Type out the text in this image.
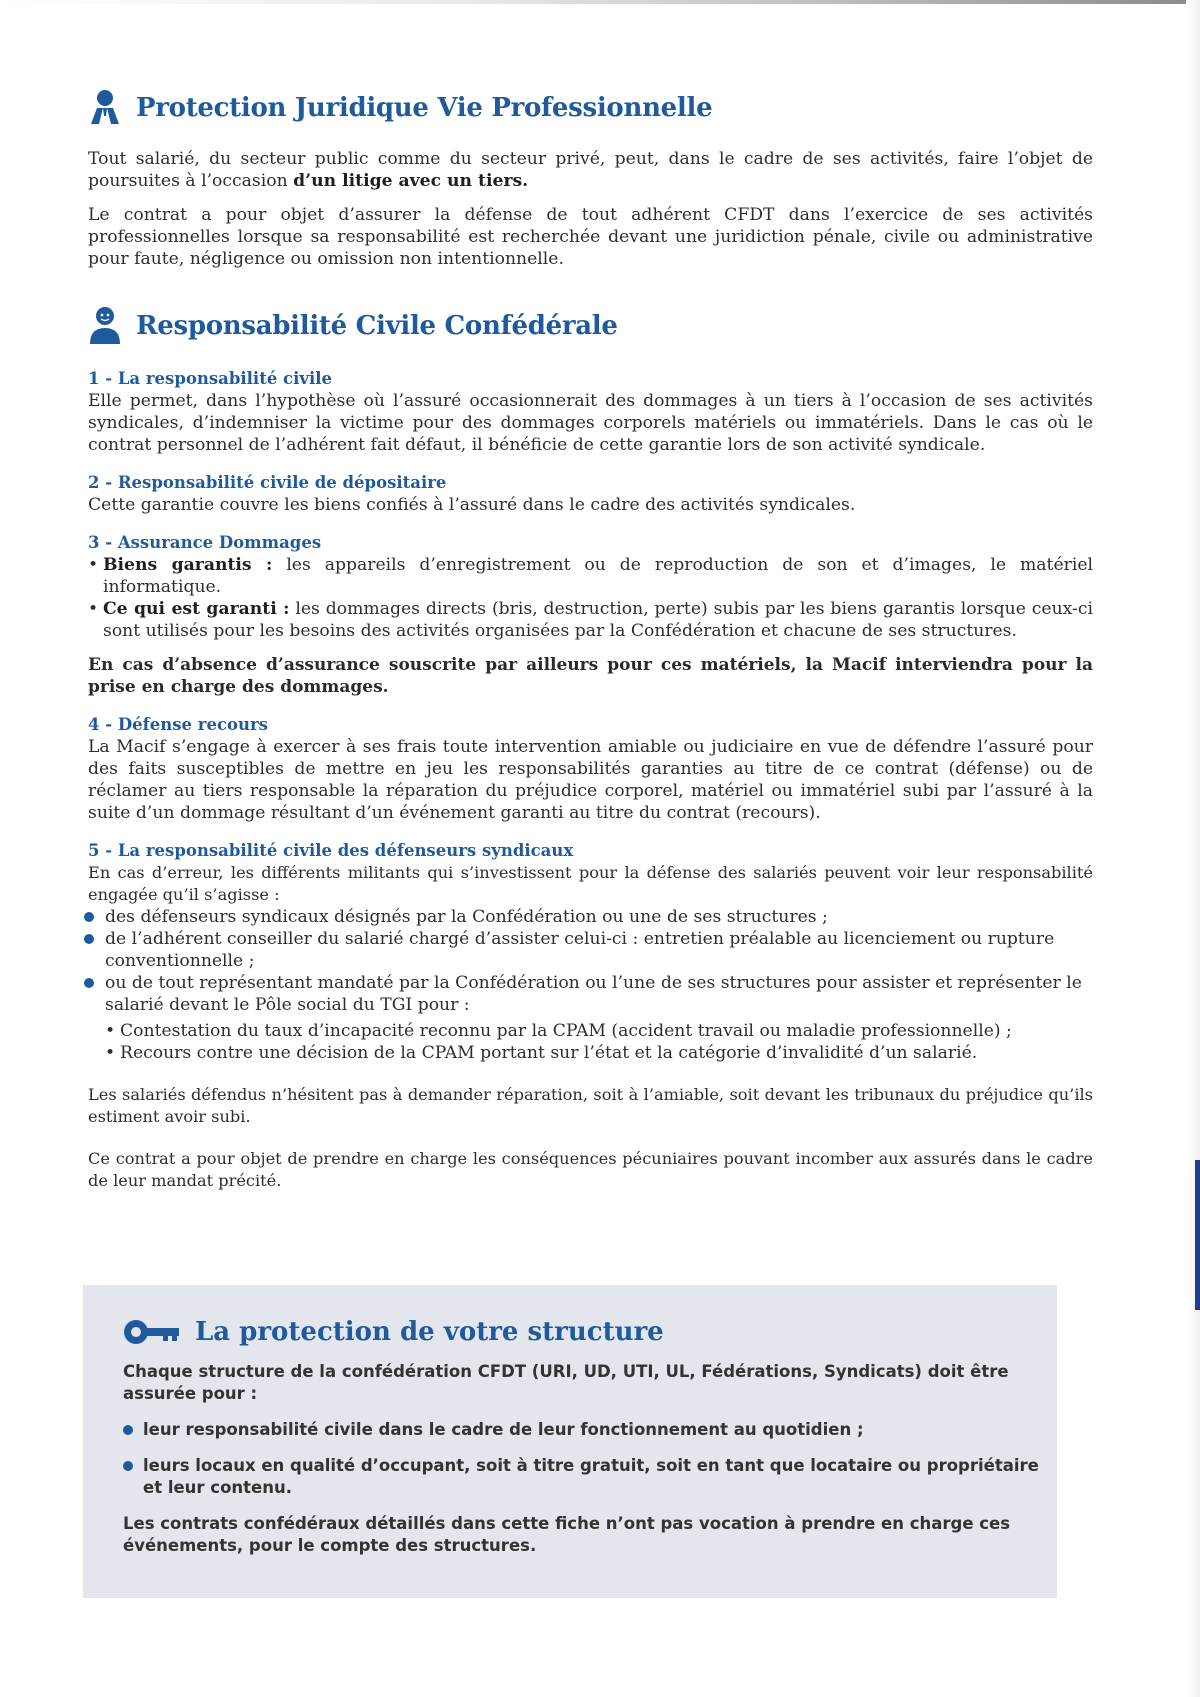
Protection Juridique Vie Professionnelle

Tout salarié, du secteur public comme du secteur privé, peut, dans le cadre de ses activités, faire l’objet de poursuites à l’occasion d’un litige avec un tiers.

Le contrat a pour objet d’assurer la défense de tout adhérent CFDT dans l’exercice de ses activités professionnelles lorsque sa responsabilité est recherchée devant une juridiction pénale, civile ou administrative pour faute, négligence ou omission non intentionnelle.

Responsabilité Civile Confédérale
1 - La responsabilité civile

Elle permet, dans l’hypothèse où l’assuré occasionnerait des dommages à un tiers à l’occasion de ses activités syndicales, d’indemniser la victime pour des dommages corporels matériels ou immatériels. Dans le cas où le contrat personnel de l’adhérent fait défaut, il bénéficie de cette garantie lors de son activité syndicale.

2 - Responsabilité civile de dépositaire

Cette garantie couvre les biens confiés à l’assuré dans le cadre des activités syndicales.

3 - Assurance Dommages
• Biens garantis : les appareils d’enregistrement ou de reproduction de son et d’images, le matériel informatique.
• Ce qui est garanti : les dommages directs (bris, destruction, perte) subis par les biens garantis lorsque ceux-ci sont utilisés pour les besoins des activités organisées par la Confédération et chacune de ses structures.

En cas d’absence d’assurance souscrite par ailleurs pour ces matériels, la Macif interviendra pour la prise en charge des dommages.

4 - Défense recours

La Macif s’engage à exercer à ses frais toute intervention amiable ou judiciaire en vue de défendre l’assuré pour des faits susceptibles de mettre en jeu les responsabilités garanties au titre de ce contrat (défense) ou de réclamer au tiers responsable la réparation du préjudice corporel, matériel ou immatériel subi par l’assuré à la suite d’un dommage résultant d’un événement garanti au titre du contrat (recours).

5 - La responsabilité civile des défenseurs syndicaux

En cas d’erreur, les différents militants qui s’investissent pour la défense des salariés peuvent voir leur responsabilité engagée qu’il s’agisse :

des défenseurs syndicaux désignés par la Confédération ou une de ses structures ;
de l’adhérent conseiller du salarié chargé d’assister celui-ci : entretien préalable au licenciement ou rupture conventionnelle ;
ou de tout représentant mandaté par la Confédération ou l’une de ses structures pour assister et représenter le salarié devant le Pôle social du TGI pour :
• Contestation du taux d’incapacité reconnu par la CPAM (accident travail ou maladie professionnelle) ;
• Recours contre une décision de la CPAM portant sur l’état et la catégorie d’invalidité d’un salarié.

Les salariés défendus n’hésitent pas à demander réparation, soit à l’amiable, soit devant les tribunaux du préjudice qu’ils estiment avoir subi.

Ce contrat a pour objet de prendre en charge les conséquences pécuniaires pouvant incomber aux assurés dans le cadre de leur mandat précité.

La protection de votre structure

Chaque structure de la confédération CFDT (URI, UD, UTI, UL, Fédérations, Syndicats) doit être assurée pour :

leur responsabilité civile dans le cadre de leur fonctionnement au quotidien ;
leurs locaux en qualité d’occupant, soit à titre gratuit, soit en tant que locataire ou propriétaire et leur contenu.

Les contrats confédéraux détaillés dans cette fiche n’ont pas vocation à prendre en charge ces événements, pour le compte des structures.
